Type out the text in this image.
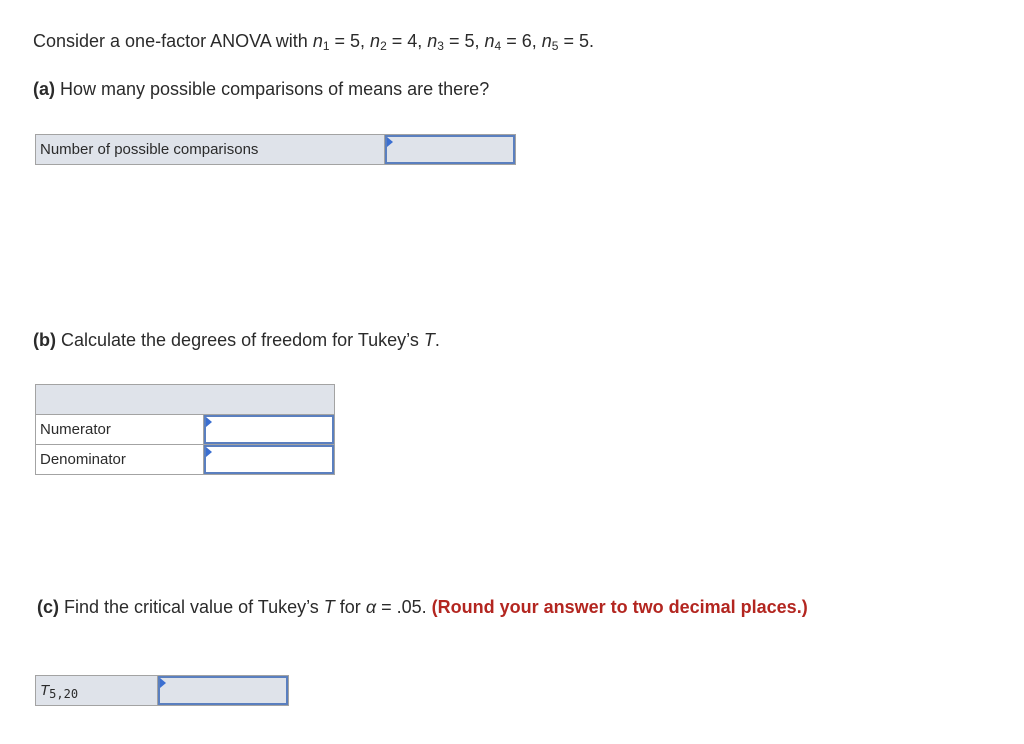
Consider a one-factor ANOVA with $n_1 = 5$, $n_2 = 4$, $n_3 = 5$, $n_4 = 6$, $n_5 = 5$.
(a) How many possible comparisons of means are there?
Number of possible comparisons	
(b) Calculate the degrees of freedom for Tukey’s T.

Numerator	

Denominator	
(c) Find the critical value of Tukey’s T for α = .05. (Round your answer to two decimal places.)
$T_{5,20}$	
